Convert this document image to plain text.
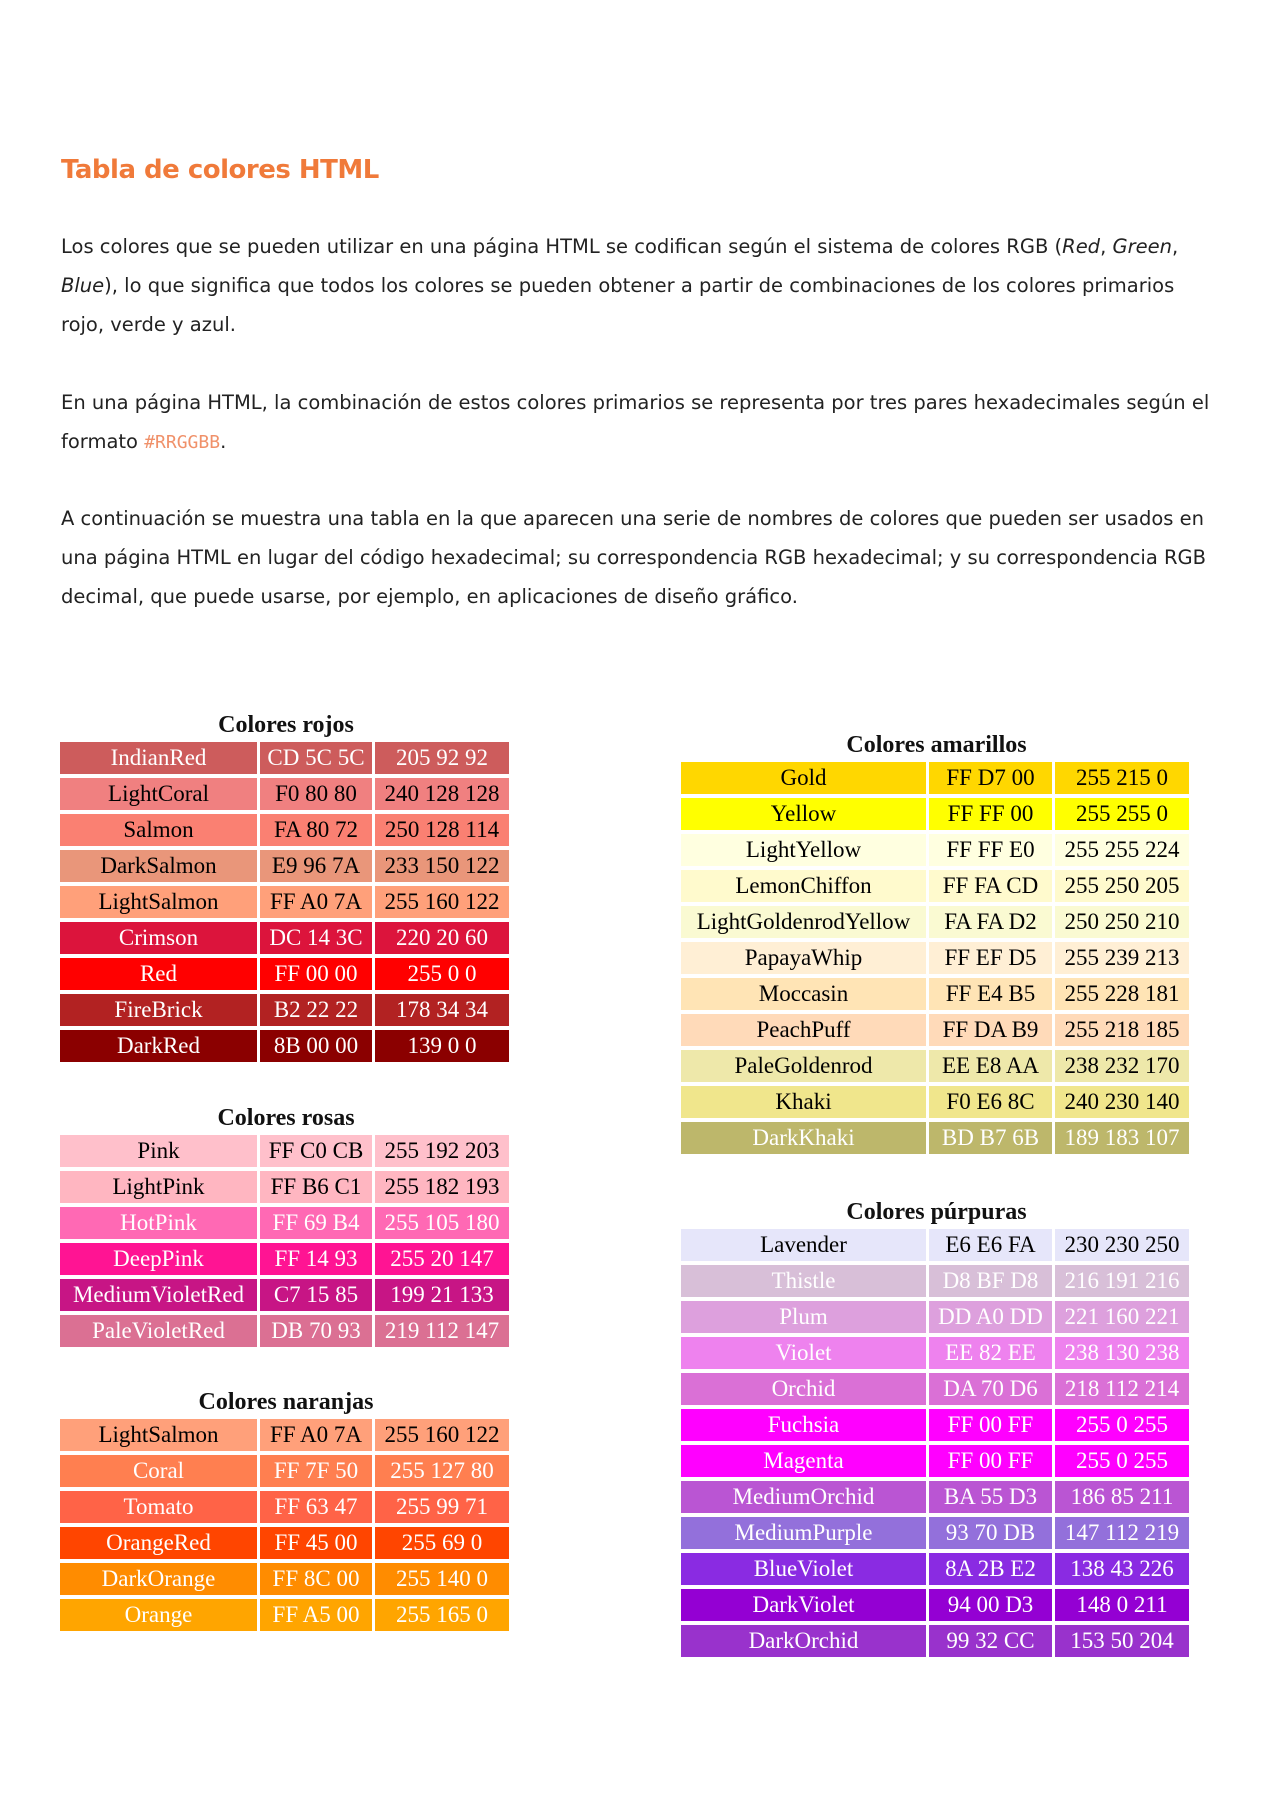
Tabla de colores HTML

Los colores que se pueden utilizar en una página HTML se codifican según el sistema de colores RGB (Red, Green, Blue), lo que significa que todos los colores se pueden obtener a partir de combinaciones de los colores primarios rojo, verde y azul.

En una página HTML, la combinación de estos colores primarios se representa por tres pares hexadecimales según el formato #RRGGBB.

A continuación se muestra una tabla en la que aparecen una serie de nombres de colores que pueden ser usados en una página HTML en lugar del código hexadecimal; su correspondencia RGB hexadecimal; y su correspondencia RGB decimal, que puede usarse, por ejemplo, en aplicaciones de diseño gráfico.

Colores rojos
IndianRed	CD 5C 5C	205 92 92
LightCoral	F0 80 80	240 128 128
Salmon	FA 80 72	250 128 114
DarkSalmon	E9 96 7A	233 150 122
LightSalmon	FF A0 7A	255 160 122
Crimson	DC 14 3C	220 20 60
Red	FF 00 00	255 0 0
FireBrick	B2 22 22	178 34 34
DarkRed	8B 00 00	139 0 0
Colores rosas
Pink	FF C0 CB	255 192 203
LightPink	FF B6 C1	255 182 193
HotPink	FF 69 B4	255 105 180
DeepPink	FF 14 93	255 20 147
MediumVioletRed	C7 15 85	199 21 133
PaleVioletRed	DB 70 93	219 112 147
Colores naranjas
LightSalmon	FF A0 7A	255 160 122
Coral	FF 7F 50	255 127 80
Tomato	FF 63 47	255 99 71
OrangeRed	FF 45 00	255 69 0
DarkOrange	FF 8C 00	255 140 0
Orange	FF A5 00	255 165 0
Colores amarillos
Gold	FF D7 00	255 215 0
Yellow	FF FF 00	255 255 0
LightYellow	FF FF E0	255 255 224
LemonChiffon	FF FA CD	255 250 205
LightGoldenrodYellow	FA FA D2	250 250 210
PapayaWhip	FF EF D5	255 239 213
Moccasin	FF E4 B5	255 228 181
PeachPuff	FF DA B9	255 218 185
PaleGoldenrod	EE E8 AA	238 232 170
Khaki	F0 E6 8C	240 230 140
DarkKhaki	BD B7 6B	189 183 107
Colores púrpuras
Lavender	E6 E6 FA	230 230 250
Thistle	D8 BF D8	216 191 216
Plum	DD A0 DD	221 160 221
Violet	EE 82 EE	238 130 238
Orchid	DA 70 D6	218 112 214
Fuchsia	FF 00 FF	255 0 255
Magenta	FF 00 FF	255 0 255
MediumOrchid	BA 55 D3	186 85 211
MediumPurple	93 70 DB	147 112 219
BlueViolet	8A 2B E2	138 43 226
DarkViolet	94 00 D3	148 0 211
DarkOrchid	99 32 CC	153 50 204
